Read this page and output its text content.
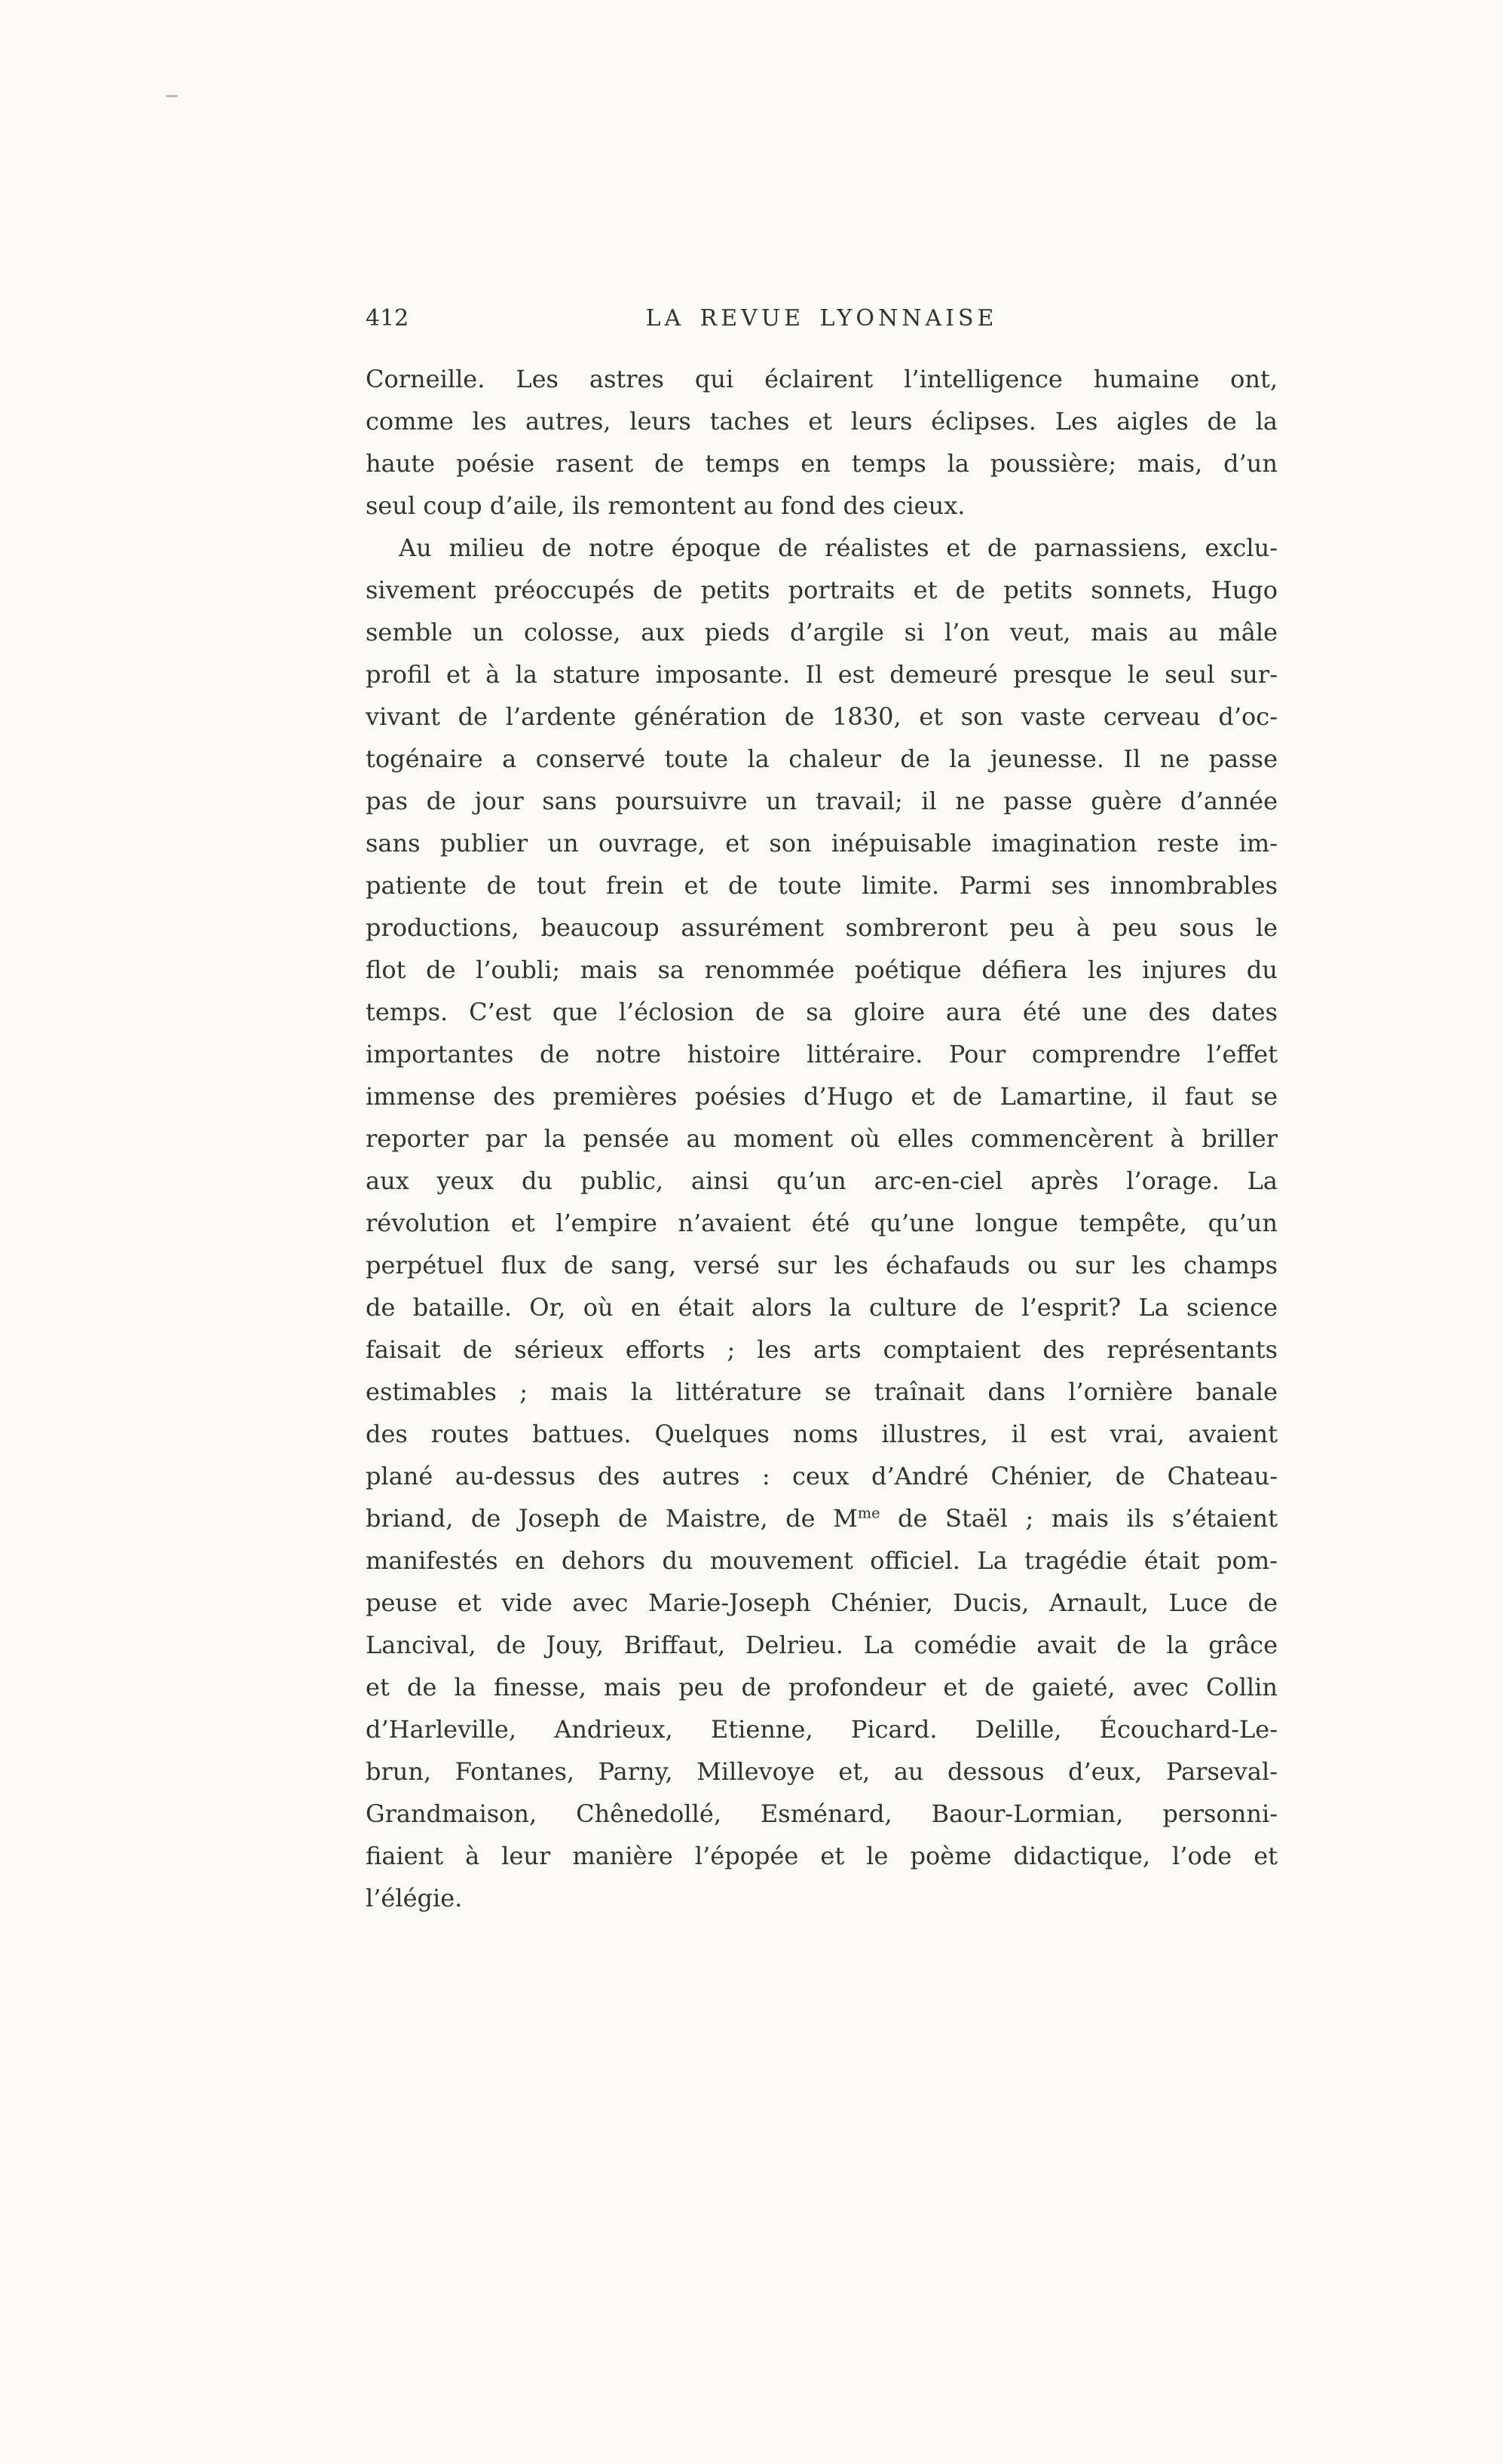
412	LA REVUE LYONNAISE
Corneille. Les astres qui éclairent l’intelligence humaine ont,
comme les autres, leurs taches et leurs éclipses. Les aigles de la
haute poésie rasent de temps en temps la poussière; mais, d’un
seul coup d’aile, ils remontent au fond des cieux.
Au milieu de notre époque de réalistes et de parnassiens, exclu-
sivement préoccupés de petits portraits et de petits sonnets, Hugo
semble un colosse, aux pieds d’argile si l’on veut, mais au mâle
profil et à la stature imposante. Il est demeuré presque le seul sur-
vivant de l’ardente génération de 1830, et son vaste cerveau d’oc-
togénaire a conservé toute la chaleur de la jeunesse. Il ne passe
pas de jour sans poursuivre un travail; il ne passe guère d’année
sans publier un ouvrage, et son inépuisable imagination reste im-
patiente de tout frein et de toute limite. Parmi ses innombrables
productions, beaucoup assurément sombreront peu à peu sous le
flot de l’oubli; mais sa renommée poétique défiera les injures du
temps. C’est que l’éclosion de sa gloire aura été une des dates
importantes de notre histoire littéraire. Pour comprendre l’effet
immense des premières poésies d’Hugo et de Lamartine, il faut se
reporter par la pensée au moment où elles commencèrent à briller
aux yeux du public, ainsi qu’un arc-en-ciel après l’orage. La
révolution et l’empire n’avaient été qu’une longue tempête, qu’un
perpétuel flux de sang, versé sur les échafauds ou sur les champs
de bataille. Or, où en était alors la culture de l’esprit? La science
faisait de sérieux efforts ; les arts comptaient des représentants
estimables ; mais la littérature se traînait dans l’ornière banale
des routes battues. Quelques noms illustres, il est vrai, avaient
plané au-dessus des autres : ceux d’André Chénier, de Chateau-
briand, de Joseph de Maistre, de $M^{me}$ de Staël ; mais ils s’étaient
manifestés en dehors du mouvement officiel. La tragédie était pom-
peuse et vide avec Marie-Joseph Chénier, Ducis, Arnault, Luce de
Lancival, de Jouy, Briffaut, Delrieu. La comédie avait de la grâce
et de la finesse, mais peu de profondeur et de gaieté, avec Collin
d’Harleville, Andrieux, Etienne, Picard. Delille, Écouchard-Le-
brun, Fontanes, Parny, Millevoye et, au dessous d’eux, Parseval-
Grandmaison, Chênedollé, Esménard, Baour-Lormian, personni-
fiaient à leur manière l’épopée et le poème didactique, l’ode et
l’élégie.
